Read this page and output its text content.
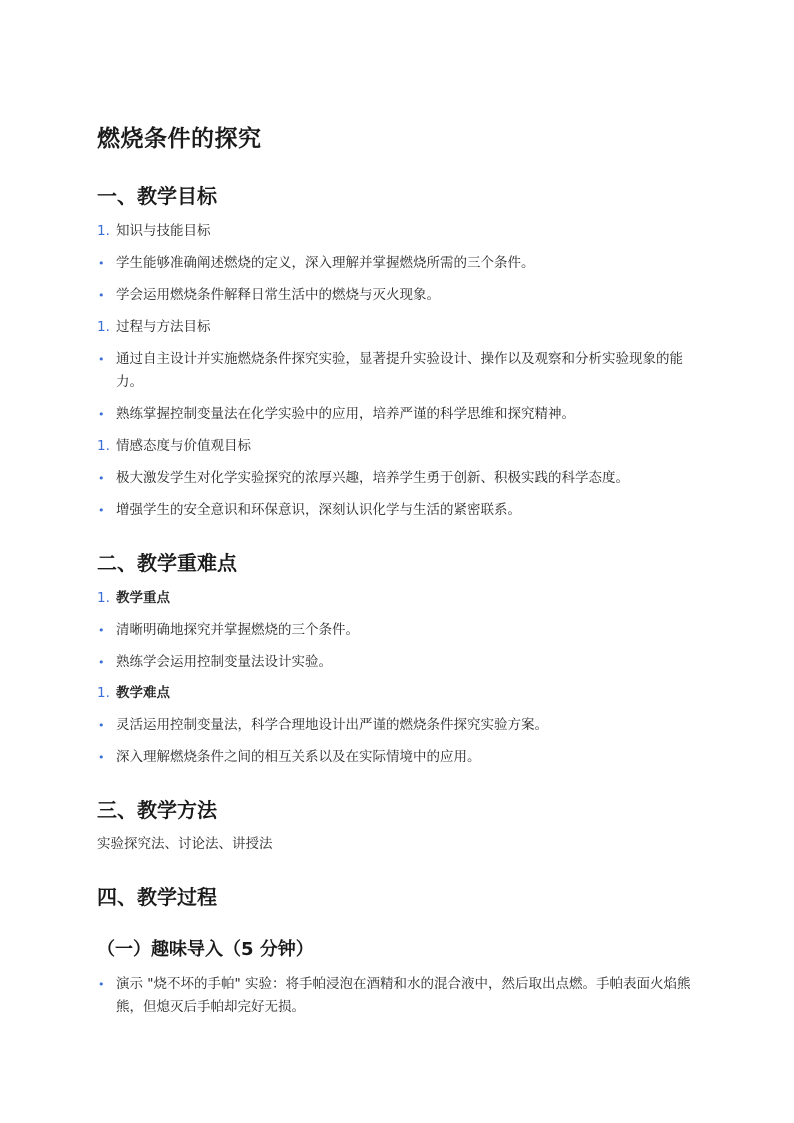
燃烧条件的探究
一、教学目标
1. 知识与技能目标
• 学生能够准确阐述燃烧的定义，深入理解并掌握燃烧所需的三个条件。
• 学会运用燃烧条件解释日常生活中的燃烧与灭火现象。
1. 过程与方法目标
• 通过自主设计并实施燃烧条件探究实验，显著提升实验设计、操作以及观察和分析实验现象的能力。
• 熟练掌握控制变量法在化学实验中的应用，培养严谨的科学思维和探究精神。
1. 情感态度与价值观目标
• 极大激发学生对化学实验探究的浓厚兴趣，培养学生勇于创新、积极实践的科学态度。
• 增强学生的安全意识和环保意识，深刻认识化学与生活的紧密联系。
二、教学重难点
1. 教学重点
• 清晰明确地探究并掌握燃烧的三个条件。
• 熟练学会运用控制变量法设计实验。
1. 教学难点
• 灵活运用控制变量法，科学合理地设计出严谨的燃烧条件探究实验方案。
• 深入理解燃烧条件之间的相互关系以及在实际情境中的应用。
三、教学方法
实验探究法、讨论法、讲授法
四、教学过程
（一）趣味导入（5 分钟）
• 演示 "烧不坏的手帕" 实验：将手帕浸泡在酒精和水的混合液中，然后取出点燃。手帕表面火焰熊熊，但熄灭后手帕却完好无损。
